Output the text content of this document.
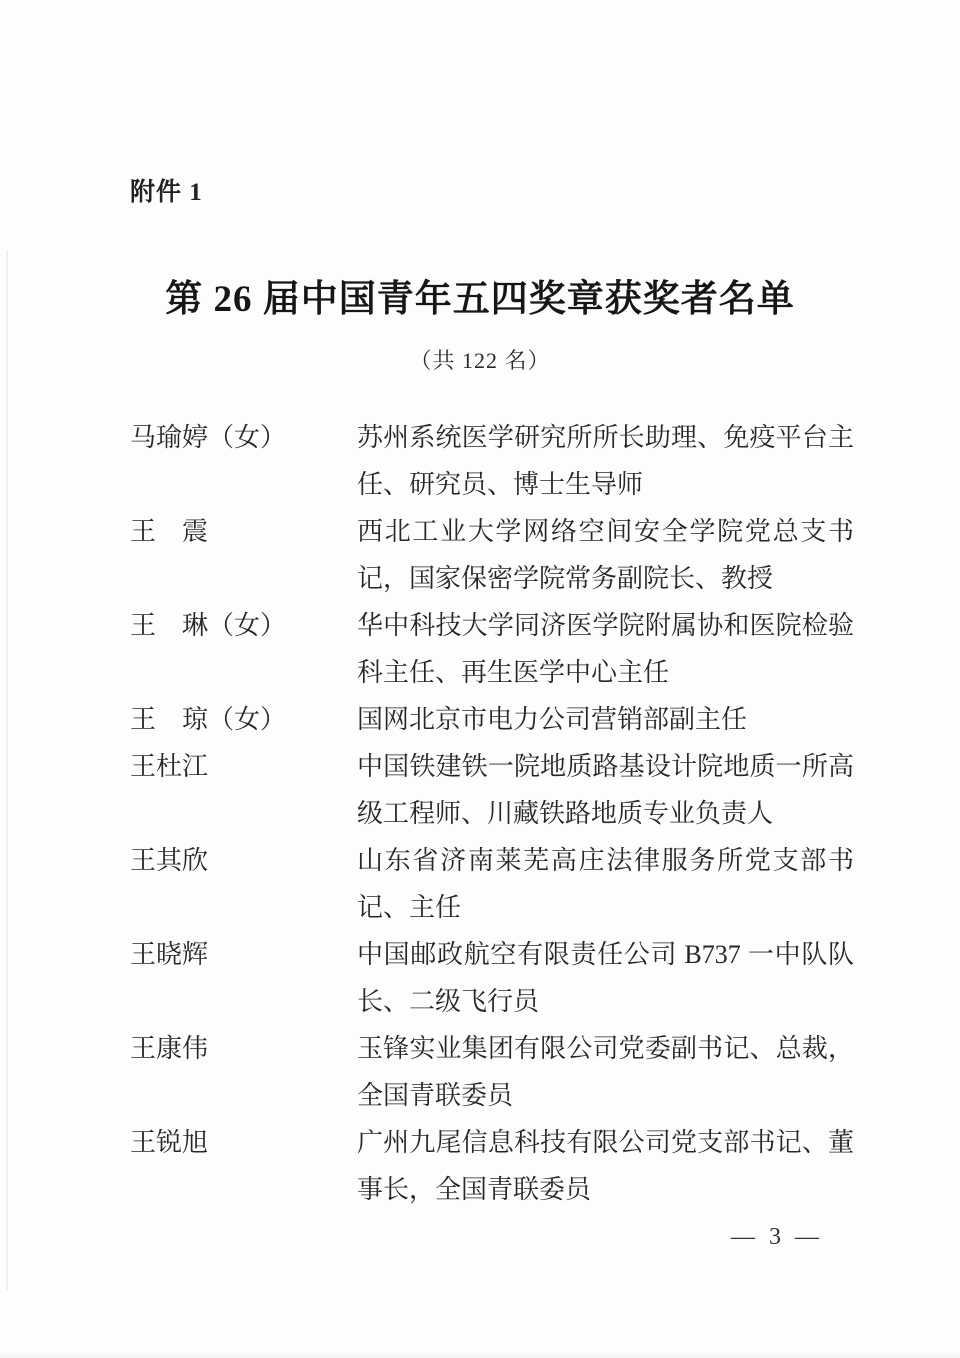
附件 1
第 26 届中国青年五四奖章获奖者名单
（共 122 名）
马瑜婷（女）	苏州系统医学研究所所长助理、免疫平台主任、研究员、博士生导师
王　震	西北工业大学网络空间安全学院党总支书记，国家保密学院常务副院长、教授
王　琳（女）	华中科技大学同济医学院附属协和医院检验科主任、再生医学中心主任
王　琼（女）	国网北京市电力公司营销部副主任
王杜江	中国铁建铁一院地质路基设计院地质一所高级工程师、川藏铁路地质专业负责人
王其欣	山东省济南莱芜高庄法律服务所党支部书记、主任
王晓辉	中国邮政航空有限责任公司 B737 一中队队长、二级飞行员
王康伟	玉锋实业集团有限公司党委副书记、总裁，全国青联委员
王锐旭	广州九尾信息科技有限公司党支部书记、董事长，全国青联委员
— 3 —
